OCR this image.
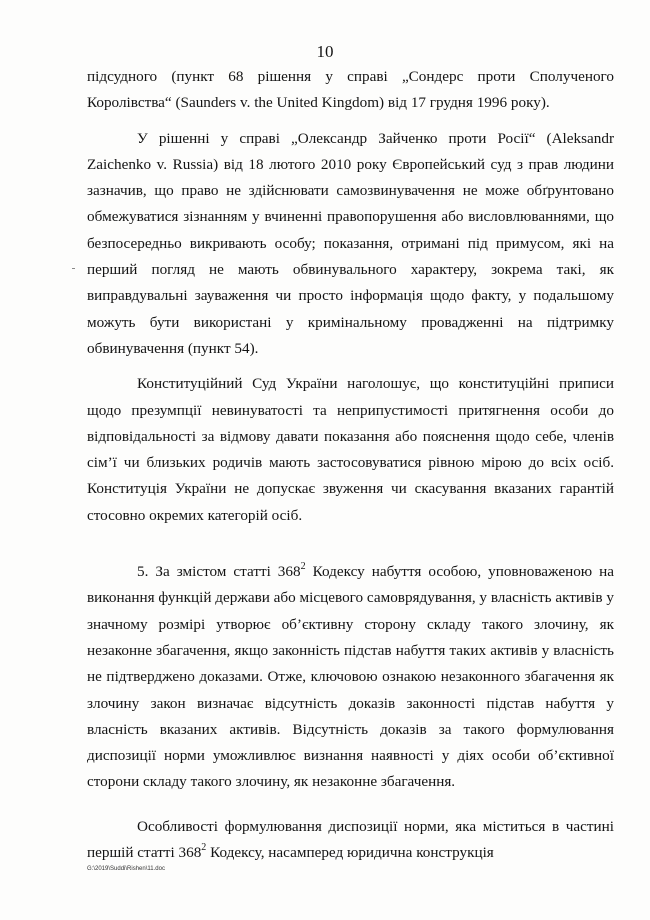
10

підсудного (пункт 68 рішення у справі „Сондерс проти Сполученого Королівства“ (Saunders v. the United Kingdom) від 17 грудня 1996 року).

У рішенні у справі „Олександр Зайченко проти Росії“ (Aleksandr Zaichenko v. Russia) від 18 лютого 2010 року Європейський суд з прав людини зазначив, що право не здійснювати самозвинувачення не може обґрунтовано обмежуватися зізнанням у вчиненні правопорушення або висловлюваннями, що безпосередньо викривають особу; показання, отримані під примусом, які на перший погляд не мають обвинувального характеру, зокрема такі, як виправдувальні зауваження чи просто інформація щодо факту, у подальшому можуть бути використані у кримінальному провадженні на підтримку обвинувачення (пункт 54).

Конституційний Суд України наголошує, що конституційні приписи щодо презумпції невинуватості та неприпустимості притягнення особи до відповідальності за відмову давати показання або пояснення щодо себе, членів сім’ї чи близьких родичів мають застосовуватися рівною мірою до всіх осіб. Конституція України не допускає звуження чи скасування вказаних гарантій стосовно окремих категорій осіб.

5. За змістом статті $368^2$ Кодексу набуття особою, уповноваженою на виконання функцій держави або місцевого самоврядування, у власність активів у значному розмірі утворює об’єктивну сторону складу такого злочину, як незаконне збагачення, якщо законність підстав набуття таких активів у власність не підтверджено доказами. Отже, ключовою ознакою незаконного збагачення як злочину закон визначає відсутність доказів законності підстав набуття у власність вказаних активів. Відсутність доказів за такого формулювання диспозиції норми уможливлює визнання наявності у діях особи об’єктивної сторони складу такого злочину, як незаконне збагачення.

Особливості формулювання диспозиції норми, яка міститься в частині першій статті $368^2$ Кодексу, насамперед юридична конструкція

G:\2019\Suddi\Rishen\11.doc
